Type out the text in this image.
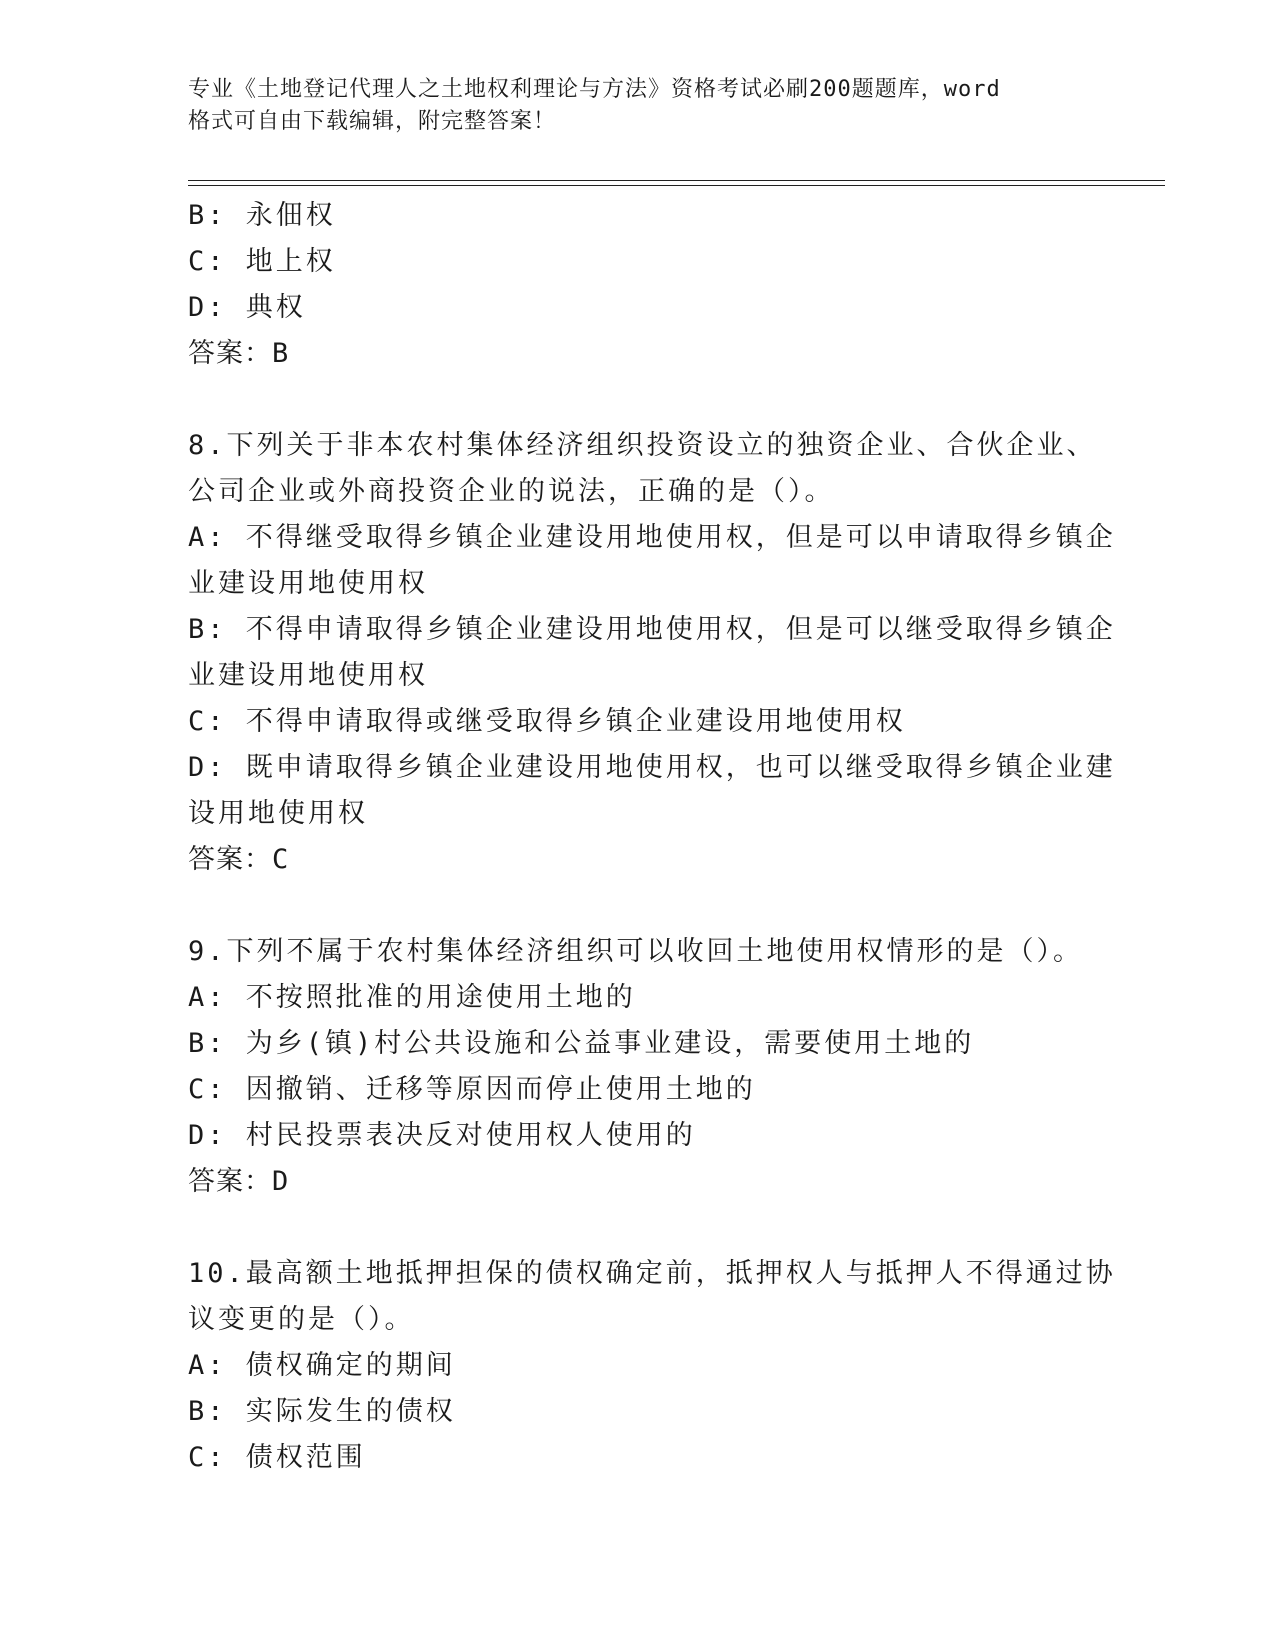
专业《土地登记代理人之土地权利理论与方法》资格考试必刷200题题库，word
格式可自由下载编辑，附完整答案！
B: 永佃权
C: 地上权
D: 典权
答案：B
8.下列关于非本农村集体经济组织投资设立的独资企业、合伙企业、
公司企业或外商投资企业的说法，正确的是（）。
A: 不得继受取得乡镇企业建设用地使用权，但是可以申请取得乡镇企
业建设用地使用权
B: 不得申请取得乡镇企业建设用地使用权，但是可以继受取得乡镇企
业建设用地使用权
C: 不得申请取得或继受取得乡镇企业建设用地使用权
D: 既申请取得乡镇企业建设用地使用权，也可以继受取得乡镇企业建
设用地使用权
答案：C
9.下列不属于农村集体经济组织可以收回土地使用权情形的是（）。
A: 不按照批准的用途使用土地的
B: 为乡(镇)村公共设施和公益事业建设，需要使用土地的
C: 因撤销、迁移等原因而停止使用土地的
D: 村民投票表决反对使用权人使用的
答案：D
10.最高额土地抵押担保的债权确定前，抵押权人与抵押人不得通过协
议变更的是（）。
A: 债权确定的期间
B: 实际发生的债权
C: 债权范围
